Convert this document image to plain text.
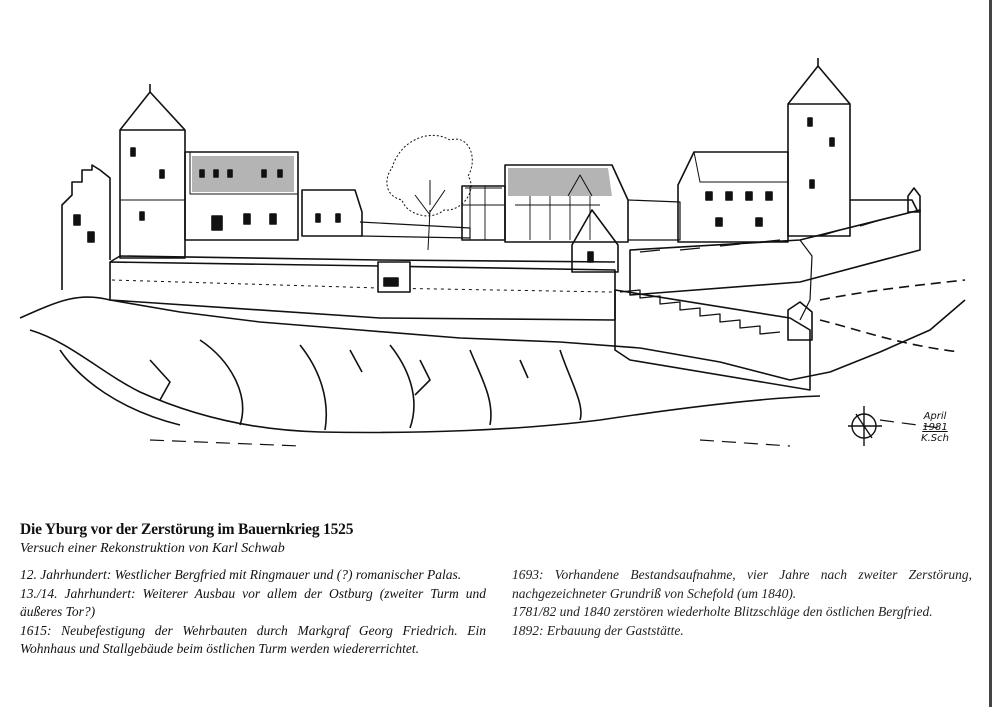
April
1981
K.Sch
Die Yburg vor der Zerstörung im Bauernkrieg 1525
Versuch einer Rekonstruktion von Karl Schwab

12. Jahrhundert: Westlicher Bergfried mit Ringmauer und (?) romanischer Palas.

13./14. Jahrhundert: Weiterer Ausbau vor allem der Ostburg (zweiter Turm und äußeres Tor?)

1615: Neubefestigung der Wehrbauten durch Markgraf Georg Friedrich. Ein Wohnhaus und Stallgebäude beim östlichen Turm werden wiedererrichtet.

1693: Vorhandene Bestandsaufnahme, vier Jahre nach zweiter Zerstörung, nachgezeichneter Grundriß von Schefold (um 1840).

1781/82 und 1840 zerstören wiederholte Blitzschläge den östlichen Bergfried.

1892: Erbauung der Gaststätte.
